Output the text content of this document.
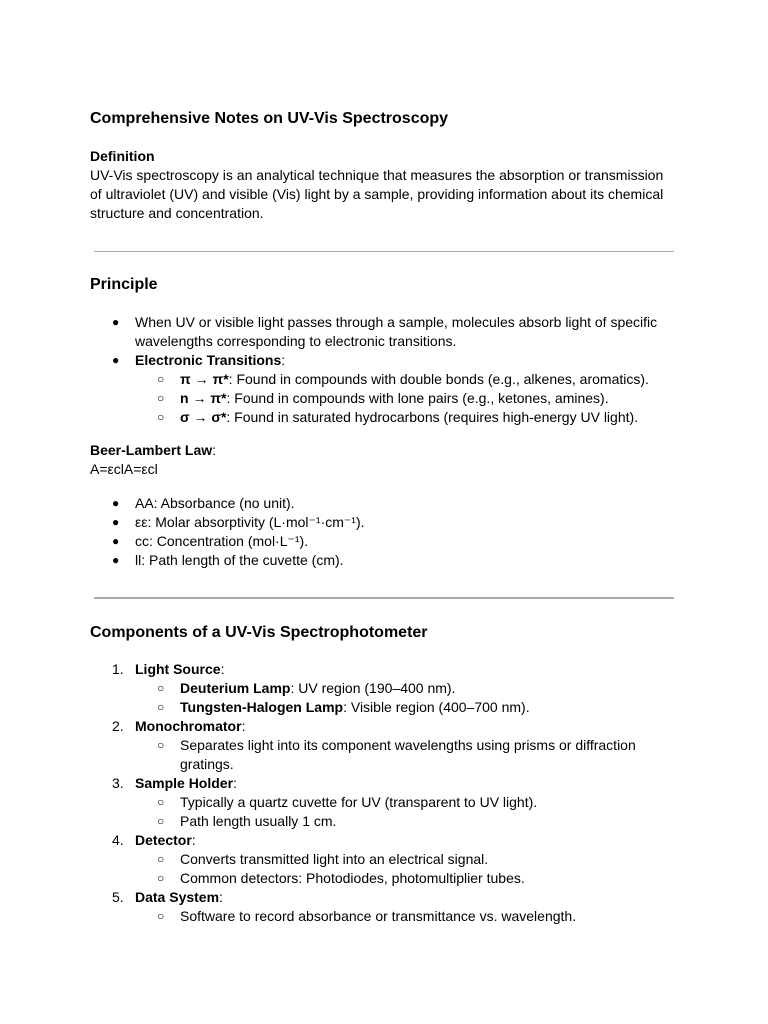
Comprehensive Notes on UV-Vis Spectroscopy
Definition
UV-Vis spectroscopy is an analytical technique that measures the absorption or transmission of ultraviolet (UV) and visible (Vis) light by a sample, providing information about its chemical structure and concentration.
Principle
● When UV or visible light passes through a sample, molecules absorb light of specific wavelengths corresponding to electronic transitions.
● Electronic Transitions:
○ π → π*: Found in compounds with double bonds (e.g., alkenes, aromatics).
○ n → π*: Found in compounds with lone pairs (e.g., ketones, amines).
○ σ → σ*: Found in saturated hydrocarbons (requires high-energy UV light).
Beer-Lambert Law:
A=εclA=εcl
● AA: Absorbance (no unit).
● εε: Molar absorptivity (L·mol⁻¹·cm⁻¹).
● cc: Concentration (mol·L⁻¹).
● ll: Path length of the cuvette (cm).
Components of a UV-Vis Spectrophotometer
1. Light Source:
○ Deuterium Lamp: UV region (190–400 nm).
○ Tungsten-Halogen Lamp: Visible region (400–700 nm).
2. Monochromator:
○ Separates light into its component wavelengths using prisms or diffraction gratings.
3. Sample Holder:
○ Typically a quartz cuvette for UV (transparent to UV light).
○ Path length usually 1 cm.
4. Detector:
○ Converts transmitted light into an electrical signal.
○ Common detectors: Photodiodes, photomultiplier tubes.
5. Data System:
○ Software to record absorbance or transmittance vs. wavelength.
